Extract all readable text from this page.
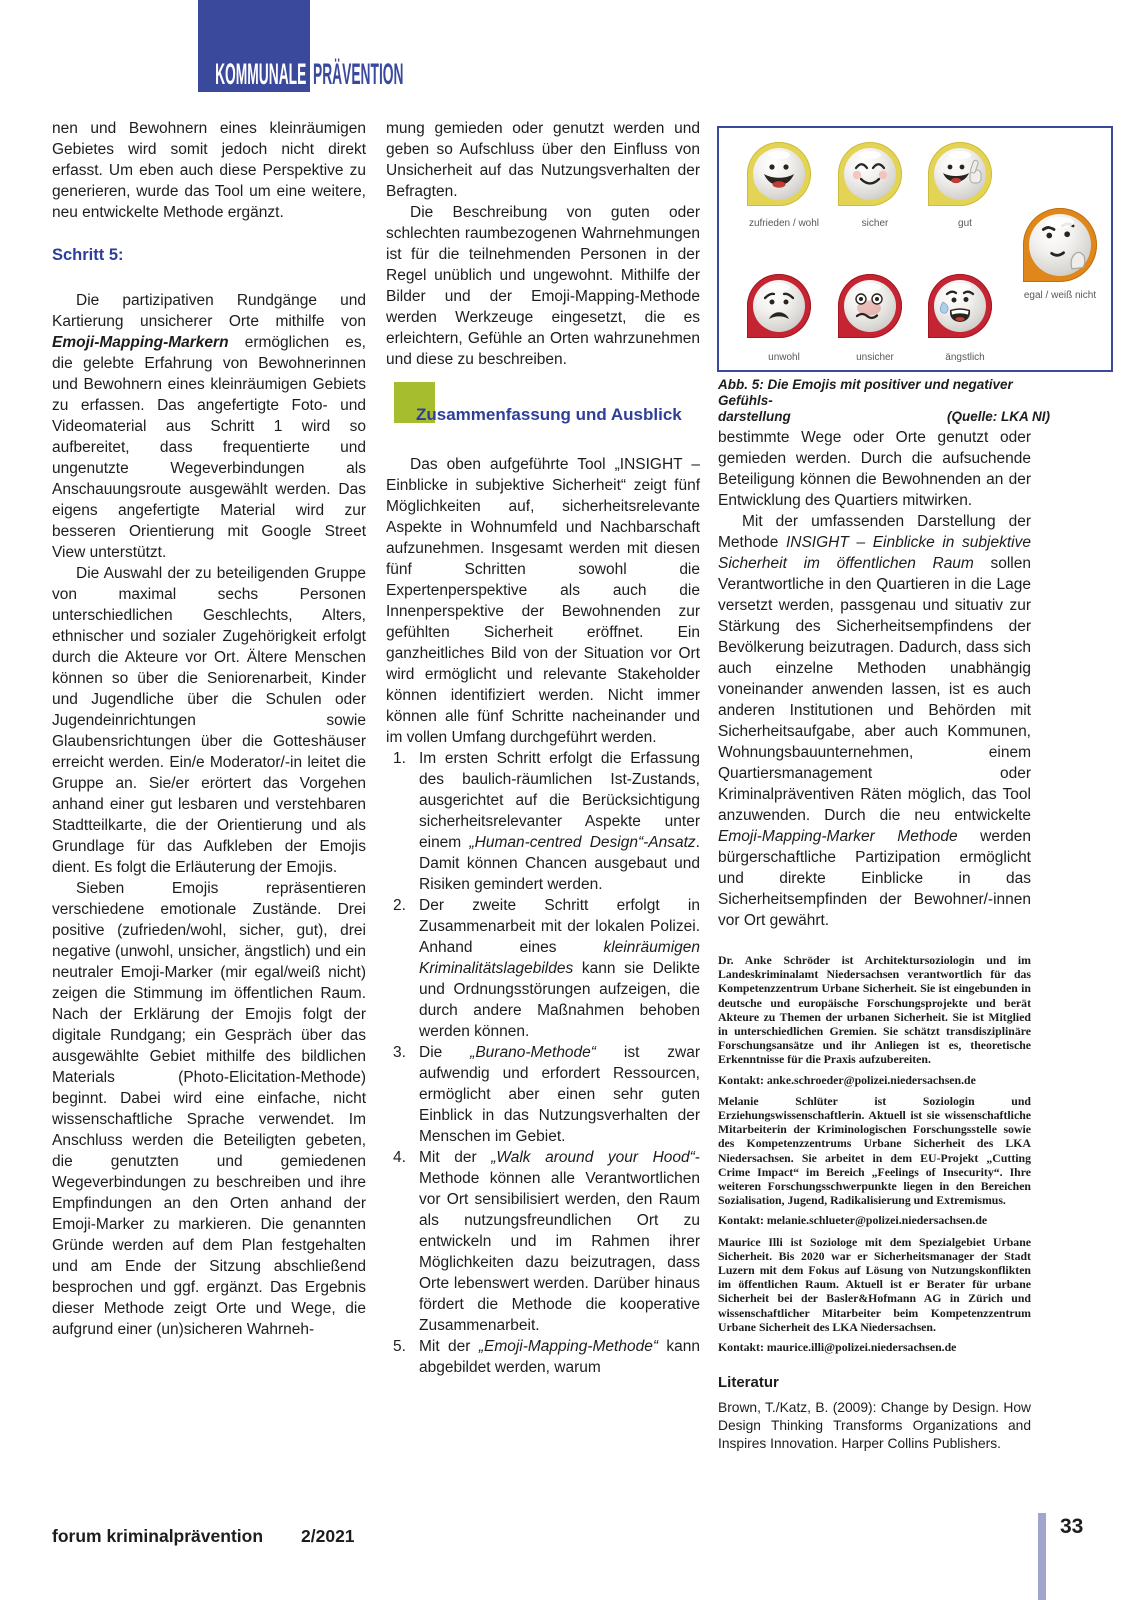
KOMMUNALE PRÄVENTION

nen und Bewohnern eines kleinräumigen Gebietes wird somit jedoch nicht direkt erfasst. Um eben auch diese Perspektive zu generieren, wurde das Tool um eine weitere, neu entwickelte Methode ergänzt.

Schritt 5:

Die partizipativen Rundgänge und Kartierung unsicherer Orte mithilfe von Emoji-Mapping-Markern ermöglichen es, die gelebte Erfahrung von Bewohnerinnen und Bewohnern eines kleinräumigen Gebiets zu erfassen. Das angefertigte Foto- und Videomaterial aus Schritt 1 wird so aufbereitet, dass frequentierte und ungenutzte Wegeverbindungen als Anschauungsroute ausgewählt werden. Das eigens angefertigte Material wird zur besseren Orientierung mit Google Street View unterstützt.

Die Auswahl der zu beteiligenden Gruppe von maximal sechs Personen unterschiedlichen Geschlechts, Alters, ethnischer und sozialer Zugehörigkeit erfolgt durch die Akteure vor Ort. Ältere Menschen können so über die Seniorenarbeit, Kinder und Jugendliche über die Schulen oder Jugendeinrichtungen sowie Glaubensrichtungen über die Gotteshäuser erreicht werden. Ein/e Moderator/-in leitet die Gruppe an. Sie/er erörtert das Vorgehen anhand einer gut lesbaren und verstehbaren Stadtteilkarte, die der Orientierung und als Grundlage für das Aufkleben der Emojis dient. Es folgt die Erläuterung der Emojis.

Sieben Emojis repräsentieren verschiedene emotionale Zustände. Drei positive (zufrieden/wohl, sicher, gut), drei negative (unwohl, unsicher, ängstlich) und ein neutraler Emoji-Marker (mir egal/weiß nicht) zeigen die Stimmung im öffentlichen Raum. Nach der Erklärung der Emojis folgt der digitale Rundgang; ein Gespräch über das ausgewählte Gebiet mithilfe des bildlichen Materials (Photo-Elicitation-Methode) beginnt. Dabei wird eine einfache, nicht wissenschaftliche Sprache verwendet. Im Anschluss werden die Beteiligten gebeten, die genutzten und gemiedenen Wegeverbindungen zu beschreiben und ihre Empfindungen an den Orten anhand der Emoji-Marker zu markieren. Die genannten Gründe werden auf dem Plan festgehalten und am Ende der Sitzung abschließend besprochen und ggf. ergänzt. Das Ergebnis dieser Methode zeigt Orte und Wege, die aufgrund einer (un)sicheren Wahrneh-

mung gemieden oder genutzt werden und geben so Aufschluss über den Einfluss von Unsicherheit auf das Nutzungsverhalten der Befragten.

Die Beschreibung von guten oder schlechten raumbezogenen Wahrnehmungen ist für die teilnehmenden Personen in der Regel unüblich und ungewohnt. Mithilfe der Bilder und der Emoji-Mapping-Methode werden Werkzeuge eingesetzt, die es erleichtern, Gefühle an Orten wahrzunehmen und diese zu beschreiben.

Zusammenfassung und Ausblick

Das oben aufgeführte Tool „INSIGHT – Einblicke in subjektive Sicherheit“ zeigt fünf Möglichkeiten auf, sicherheitsrelevante Aspekte in Wohnumfeld und Nachbarschaft aufzunehmen. Insgesamt werden mit diesen fünf Schritten sowohl die Expertenperspektive als auch die Innenperspektive der Bewohnenden zur gefühlten Sicherheit eröffnet. Ein ganzheitliches Bild von der Situation vor Ort wird ermöglicht und relevante Stakeholder können identifiziert werden. Nicht immer können alle fünf Schritte nacheinander und im vollen Umfang durchgeführt werden.

Im ersten Schritt erfolgt die Erfassung des baulich-räumlichen Ist-Zustands, ausgerichtet auf die Berücksichtigung sicherheitsrelevanter Aspekte unter einem „Human-centred Design“-Ansatz. Damit können Chancen ausgebaut und Risiken gemindert werden.
Der zweite Schritt erfolgt in Zusammenarbeit mit der lokalen Polizei. Anhand eines kleinräumigen Kriminalitätslagebildes kann sie Delikte und Ordnungsstörungen aufzeigen, die durch andere Maßnahmen behoben werden können.
Die „Burano-Methode“ ist zwar aufwendig und erfordert Ressourcen, ermöglicht aber einen sehr guten Einblick in das Nutzungsverhalten der Menschen im Gebiet.
Mit der „Walk around your Hood“-Methode können alle Verantwortlichen vor Ort sensibilisiert werden, den Raum als nutzungsfreundlichen Ort zu entwickeln und im Rahmen ihrer Möglichkeiten dazu beizutragen, dass Orte lebenswert werden. Darüber hinaus fördert die Methode die kooperative Zusammenarbeit.
Mit der „Emoji-Mapping-Methode“ kann abgebildet werden, warum
zufrieden / wohl	sicher	gut
egal / weiß nicht
unwohl	unsicher	ängstlich
Abb. 5: Die Emojis mit positiver und negativer Gefühls-
darstellung	(Quelle: LKA NI)

bestimmte Wege oder Orte genutzt oder gemieden werden. Durch die aufsuchende Beteiligung können die Bewohnenden an der Entwicklung des Quartiers mitwirken.

Mit der umfassenden Darstellung der Methode INSIGHT – Einblicke in subjektive Sicherheit im öffentlichen Raum sollen Verantwortliche in den Quartieren in die Lage versetzt werden, passgenau und situativ zur Stärkung des Sicherheitsempfindens der Bevölkerung beizutragen. Dadurch, dass sich auch einzelne Methoden unabhängig voneinander anwenden lassen, ist es auch anderen Institutionen und Behörden mit Sicherheitsaufgabe, aber auch Kommunen, Wohnungsbauunternehmen, einem Quartiersmanagement oder Kriminalpräventiven Räten möglich, das Tool anzuwenden. Durch die neu entwickelte Emoji-Mapping-Marker Methode werden bürgerschaftliche Partizipation ermöglicht und direkte Einblicke in das Sicherheitsempfinden der Bewohner/-innen vor Ort gewährt.

Dr. Anke Schröder ist Architektursoziologin und im Landeskriminalamt Niedersachsen verantwortlich für das Kompetenzzentrum Urbane Sicherheit. Sie ist eingebunden in deutsche und europäische Forschungsprojekte und berät Akteure zu Themen der urbanen Sicherheit. Sie ist Mitglied in unterschiedlichen Gremien. Sie schätzt transdisziplinäre Forschungsansätze und ihr Anliegen ist es, theoretische Erkenntnisse für die Praxis aufzubereiten.

Kontakt: anke.schroeder@polizei.niedersachsen.de

Melanie Schlüter ist Soziologin und Erziehungswissenschaftlerin. Aktuell ist sie wissenschaftliche Mitarbeiterin der Kriminologischen Forschungsstelle sowie des Kompetenzzentrums Urbane Sicherheit des LKA Niedersachsen. Sie arbeitet in dem EU-Projekt „Cutting Crime Impact“ im Bereich „Feelings of Insecurity“. Ihre weiteren Forschungsschwerpunkte liegen in den Bereichen Sozialisation, Jugend, Radikalisierung und Extremismus.

Kontakt: melanie.schlueter@polizei.niedersachsen.de

Maurice Illi ist Soziologe mit dem Spezialgebiet Urbane Sicherheit. Bis 2020 war er Sicherheitsmanager der Stadt Luzern mit dem Fokus auf Lösung von Nutzungskonflikten im öffentlichen Raum. Aktuell ist er Berater für urbane Sicherheit bei der Basler&Hofmann AG in Zürich und wissenschaftlicher Mitarbeiter beim Kompetenzzentrum Urbane Sicherheit des LKA Niedersachsen.

Kontakt: maurice.illi@polizei.niedersachsen.de

Literatur
Brown, T./Katz, B. (2009): Change by Design. How Design Thinking Transforms Organizations and Inspires Innovation. Harper Collins Publishers.
forum kriminalprävention 2/2021	33
